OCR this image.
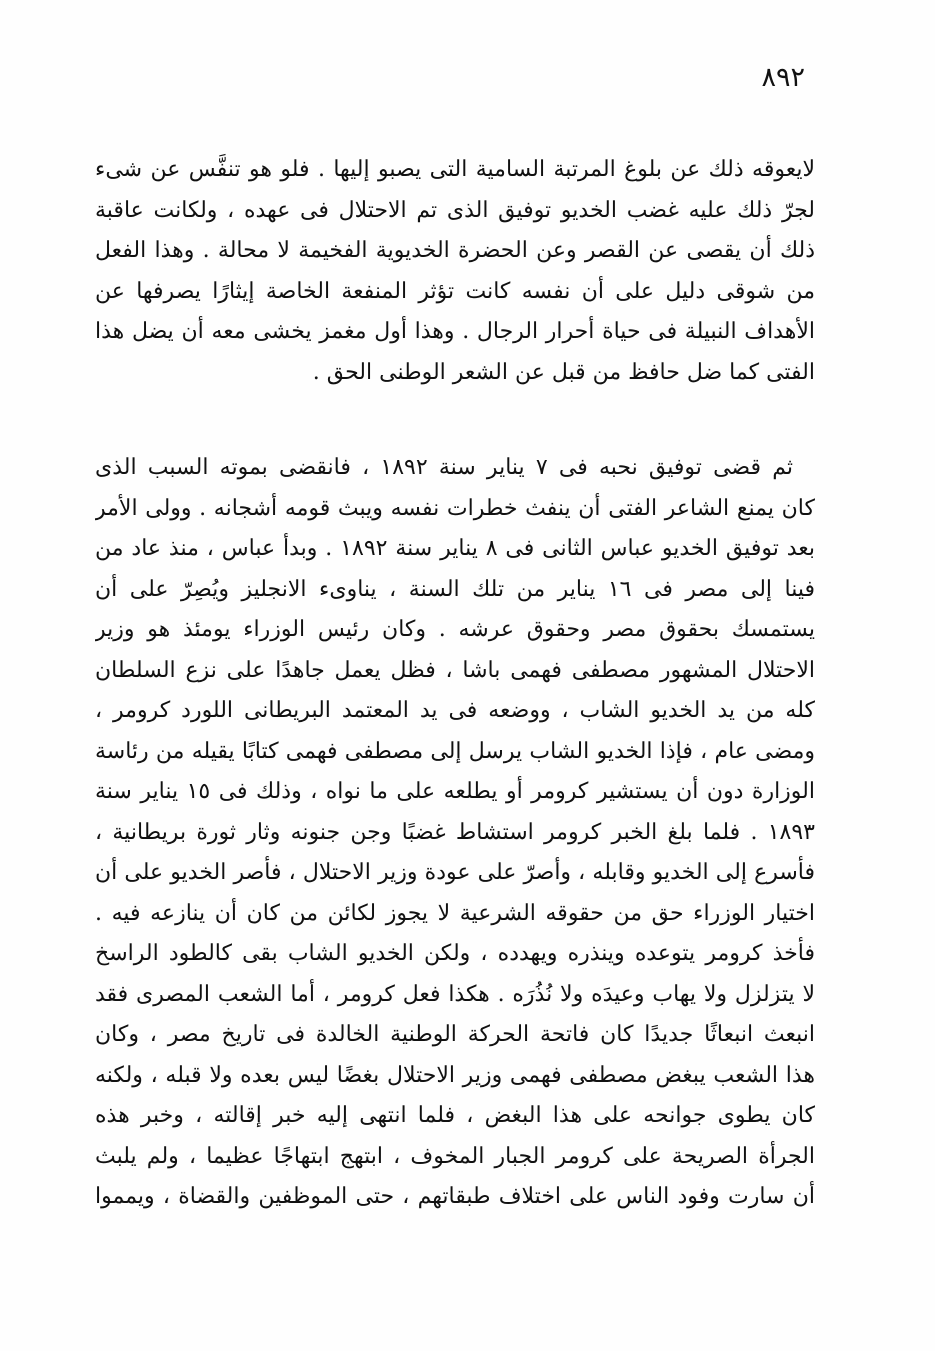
٨٩٢
لايعوقه ذلك عن بلوغ المرتبة السامية التى يصبو إليها . فلو هو تنفَّس عن شىء
لجرّ ذلك عليه غضب الخديو توفيق الذى تم الاحتلال فى عهده ، ولكانت عاقبة
ذلك أن يقصى عن القصر وعن الحضرة الخديوية الفخيمة لا محالة . وهذا الفعل
من شوقى دليل على أن نفسه كانت تؤثر المنفعة الخاصة إيثارًا يصرفها عن
الأهداف النبيلة فى حياة أحرار الرجال . وهذا أول مغمز يخشى معه أن يضل هذا
الفتى كما ضل حافظ من قبل عن الشعر الوطنى الحق .
ثم قضى توفيق نحبه فى ٧ يناير سنة ١٨٩٢ ، فانقضى بموته السبب الذى
كان يمنع الشاعر الفتى أن ينفث خطرات نفسه ويبث قومه أشجانه . وولى الأمر
بعد توفيق الخديو عباس الثانى فى ٨ يناير سنة ١٨٩٢ . وبدأ عباس ، منذ عاد من
فينا إلى مصر فى ١٦ يناير من تلك السنة ، يناوىء الانجليز ويُصِرّ على أن
يستمسك بحقوق مصر وحقوق عرشه . وكان رئيس الوزراء يومئذ هو وزير
الاحتلال المشهور مصطفى فهمى باشا ، فظل يعمل جاهدًا على نزع السلطان
كله من يد الخديو الشاب ، ووضعه فى يد المعتمد البريطانى اللورد كرومر ،
ومضى عام ، فإذا الخديو الشاب يرسل إلى مصطفى فهمى كتابًا يقيله من رئاسة
الوزارة دون أن يستشير كرومر أو يطلعه على ما نواه ، وذلك فى ١٥ يناير سنة
١٨٩٣ . فلما بلغ الخبر كرومر استشاط غضبًا وجن جنونه وثار ثورة بريطانية ،
فأسرع إلى الخديو وقابله ، وأصرّ على عودة وزير الاحتلال ، فأصر الخديو على أن
اختيار الوزراء حق من حقوقه الشرعية لا يجوز لكائن من كان أن ينازعه فيه .
فأخذ كرومر يتوعده وينذره ويهدده ، ولكن الخديو الشاب بقى كالطود الراسخ
لا يتزلزل ولا يهاب وعيدَه ولا نُذُرَه . هكذا فعل كرومر ، أما الشعب المصرى فقد
انبعث انبعاثًا جديدًا كان فاتحة الحركة الوطنية الخالدة فى تاريخ مصر ، وكان
هذا الشعب يبغض مصطفى فهمى وزير الاحتلال بغضًا ليس بعده ولا قبله ، ولكنه
كان يطوى جوانحه على هذا البغض ، فلما انتهى إليه خبر إقالته ، وخبر هذه
الجرأة الصريحة على كرومر الجبار المخوف ، ابتهج ابتهاجًا عظيما ، ولم يلبث
أن سارت وفود الناس على اختلاف طبقاتهم ، حتى الموظفين والقضاة ، ويمموا
